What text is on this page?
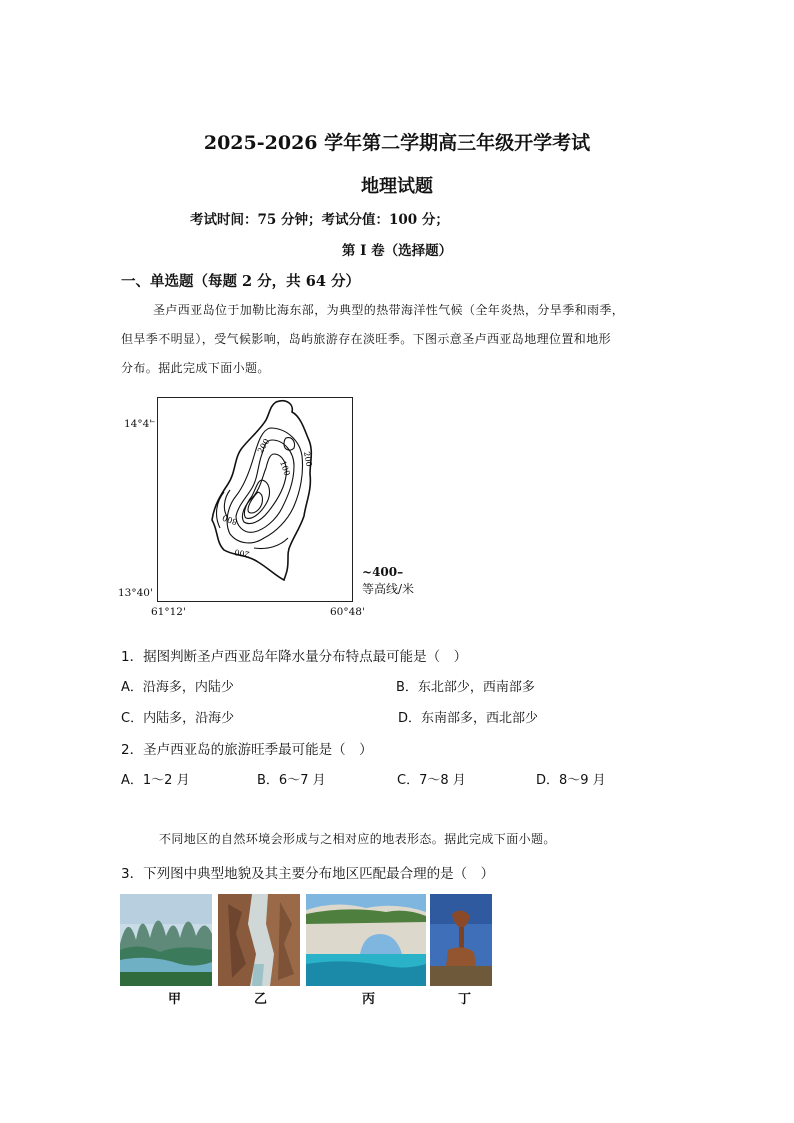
2025-2026 学年第二学期高三年级开学考试
地理试题
考试时间：75 分钟；考试分值：100 分；
第 I 卷（选择题）
一、单选题（每题 2 分，共 64 分）
圣卢西亚岛位于加勒比海东部，为典型的热带海洋性气候（全年炎热，分旱季和雨季，
但旱季不明显），受气候影响，岛屿旅游存在淡旺季。下图示意圣卢西亚岛地理位置和地形
分布。据此完成下面小题。
14°4'
13°40'
61°12'	60°48'
–
200
100
200
800
200
~400–
等高线/米
1．据图判断圣卢西亚岛年降水量分布特点最可能是（　）
A．沿海多，内陆少	B．东北部少，西南部多
C．内陆多，沿海少	D．东南部多，西北部少
2．圣卢西亚岛的旅游旺季最可能是（　）
A．1～2 月	B．6～7 月	C．7～8 月	D．8～9 月
不同地区的自然环境会形成与之相对应的地表形态。据此完成下面小题。
3．下列图中典型地貌及其主要分布地区匹配最合理的是（　）
甲	乙	丙	丁
